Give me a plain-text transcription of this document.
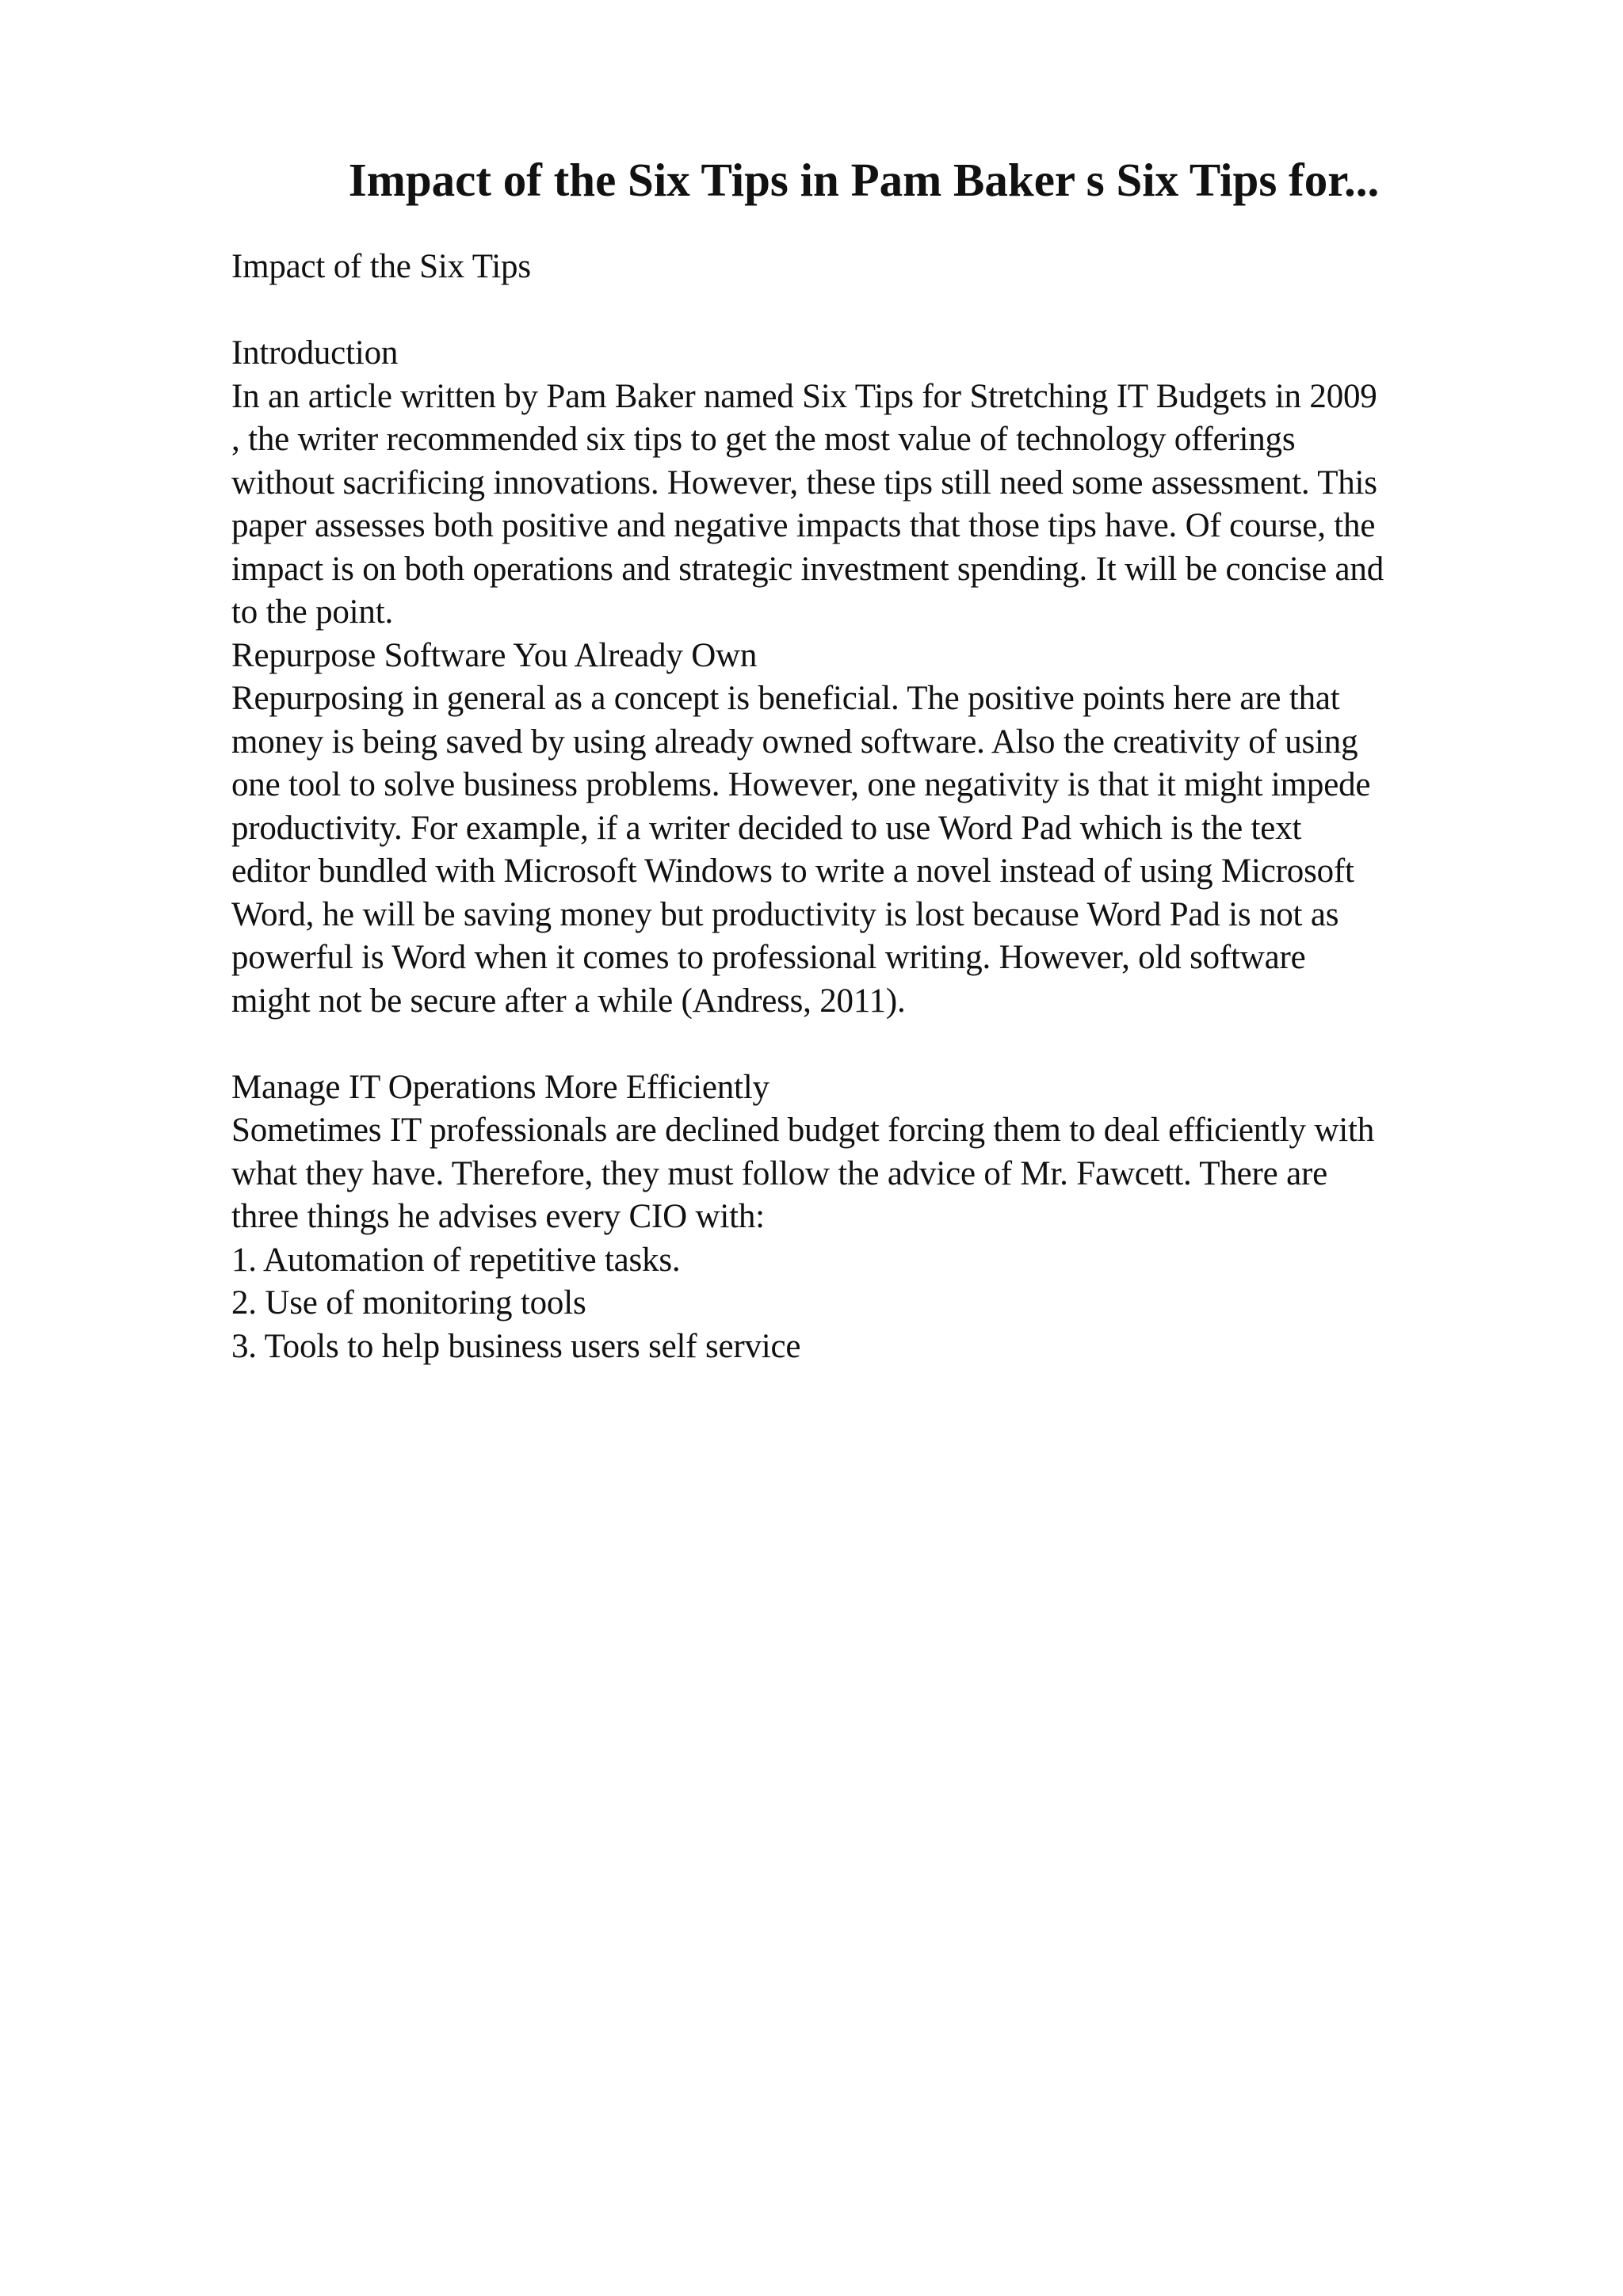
Impact of the Six Tips in Pam Baker s Six Tips for...
Impact of the Six Tips
Introduction
In an article written by Pam Baker named Six Tips for Stretching IT Budgets in 2009
, the writer recommended six tips to get the most value of technology offerings
without sacrificing innovations. However, these tips still need some assessment. This
paper assesses both positive and negative impacts that those tips have. Of course, the
impact is on both operations and strategic investment spending. It will be concise and
to the point.
Repurpose Software You Already Own
Repurposing in general as a concept is beneficial. The positive points here are that
money is being saved by using already owned software. Also the creativity of using
one tool to solve business problems. However, one negativity is that it might impede
productivity. For example, if a writer decided to use Word Pad which is the text
editor bundled with Microsoft Windows to write a novel instead of using Microsoft
Word, he will be saving money but productivity is lost because Word Pad is not as
powerful is Word when it comes to professional writing. However, old software
might not be secure after a while (Andress, 2011).
Manage IT Operations More Efficiently
Sometimes IT professionals are declined budget forcing them to deal efficiently with
what they have. Therefore, they must follow the advice of Mr. Fawcett. There are
three things he advises every CIO with:
1. Automation of repetitive tasks.
2. Use of monitoring tools
3. Tools to help business users self service
